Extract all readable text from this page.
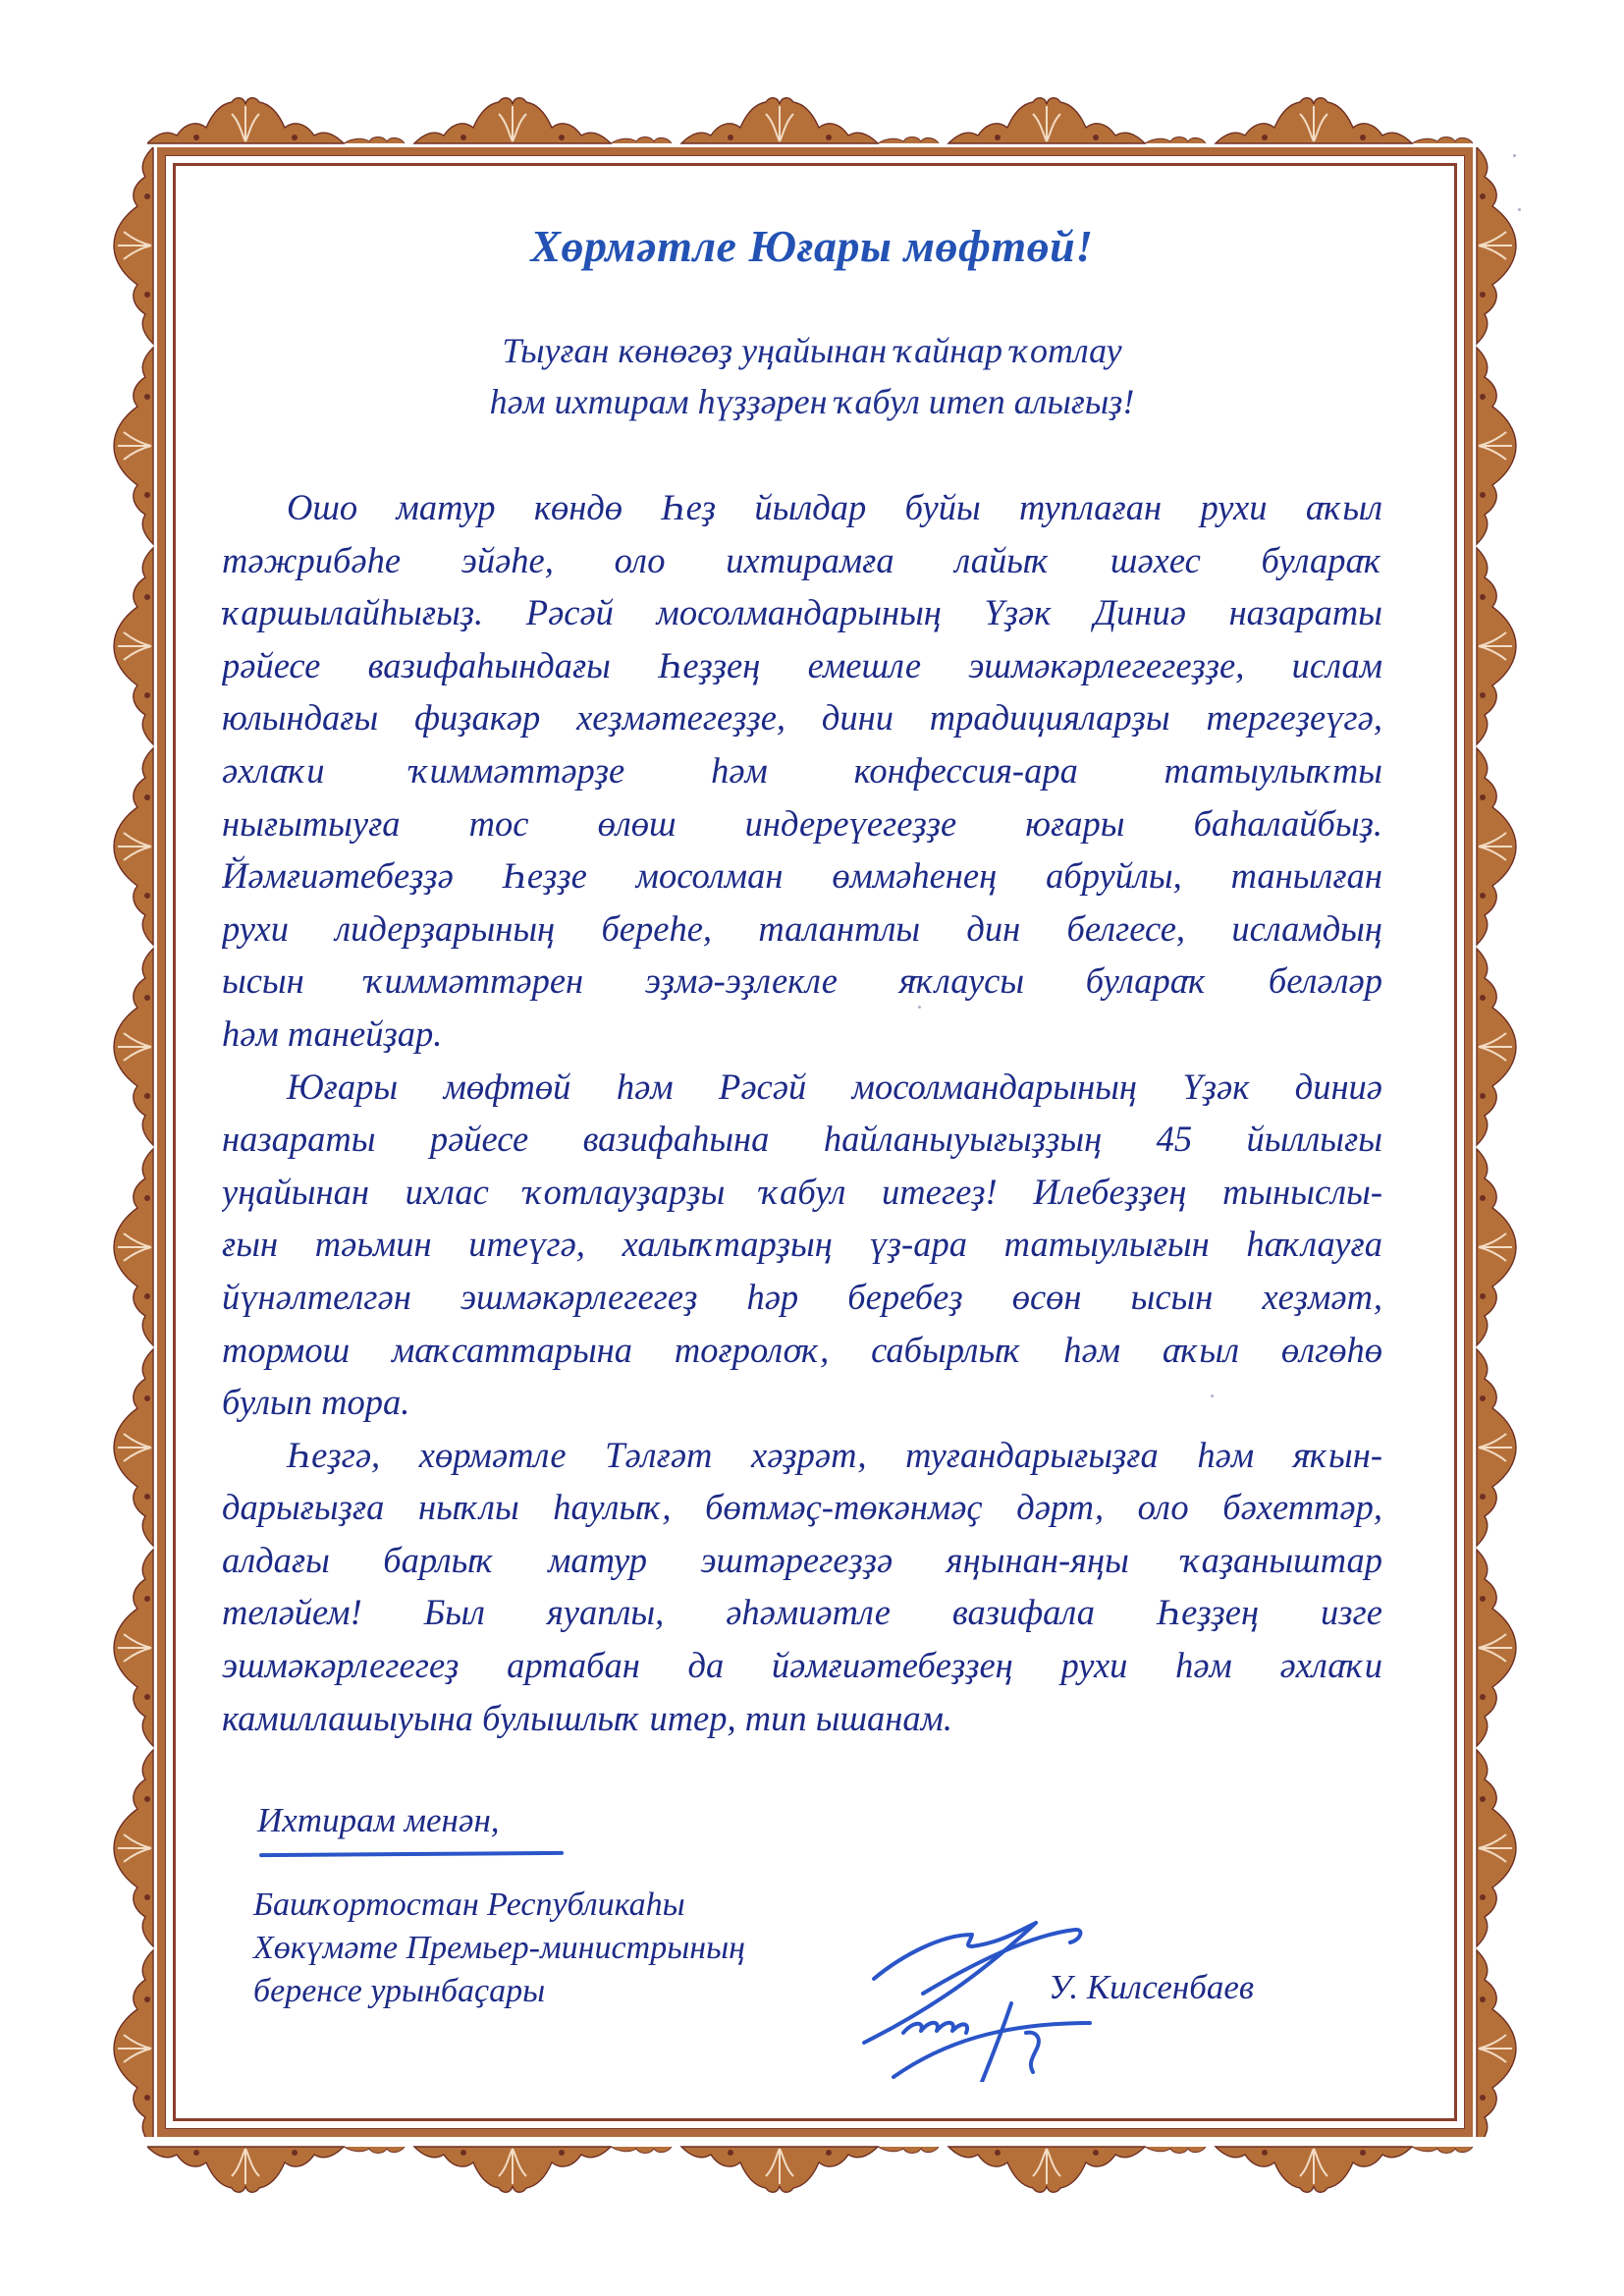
Хөрмәтле Юғары мөфтөй!
Тыуған көнөгөҙ уңайынан ҡайнар ҡотлау
һәм ихтирам һүҙҙәрен ҡабул итеп алығыҙ!
Ошо матур көндө Һеҙ йылдар буйы туплаған рухи аҡыл
тәжрибәһе эйәһе, оло ихтирамға лайыҡ шәхес булараҡ
ҡаршылайһығыҙ. Рәсәй мосолмандарының Үҙәк Диниә назараты
рәйесе вазифаһындағы Һеҙҙең емешле эшмәкәрлегегеҙҙе, ислам
юлындағы фиҙакәр хеҙмәтегеҙҙе, дини традицияларҙы тергеҙеүгә,
әхлаҡи ҡиммәттәрҙе һәм конфессия-ара татыулыҡты
нығытыуға тос өлөш индереүегеҙҙе юғары баһалайбыҙ.
Йәмғиәтебеҙҙә Һеҙҙе мосолман өммәһенең абруйлы, танылған
рухи лидерҙарының береһе, талантлы дин белгесе, исламдың
ысын ҡиммәттәрен эҙмә-эҙлекле яҡлаусы булараҡ беләләр
һәм танейҙар.
Юғары мөфтөй һәм Рәсәй мосолмандарының Үҙәк диниә
назараты рәйесе вазифаһына һайланыуығыҙҙың 45 йыллығы
уңайынан ихлас ҡотлауҙарҙы ҡабул итегеҙ! Илебеҙҙең тыныслы-
ғын тәьмин итеүгә, халыҡтарҙың үҙ-ара татыулығын һаҡлауға
йүнәлтелгән эшмәкәрлегегеҙ һәр беребеҙ өсөн ысын хеҙмәт,
тормош маҡсаттарына тоғролоҡ, сабырлыҡ һәм аҡыл өлгөһө
булып тора.
Һеҙгә, хөрмәтле Тәлғәт хәҙрәт, туғандарығыҙға һәм яҡын-
дарығыҙға ныҡлы һаулыҡ, бөтмәҫ-төкәнмәҫ дәрт, оло бәхеттәр,
алдағы барлыҡ матур эштәрегеҙҙә яңынан-яңы ҡаҙаныштар
теләйем! Был яуаплы, әһәмиәтле вазифала Һеҙҙең изге
эшмәкәрлегегеҙ артабан да йәмғиәтебеҙҙең рухи һәм әхлаҡи
камиллашыуына булышлыҡ итер, тип ышанам.
Ихтирам менән,
Башҡортостан Республикаһы
Хөкүмәте Премьер-министрының
беренсе урынбаҫары	У. Килсенбаев
